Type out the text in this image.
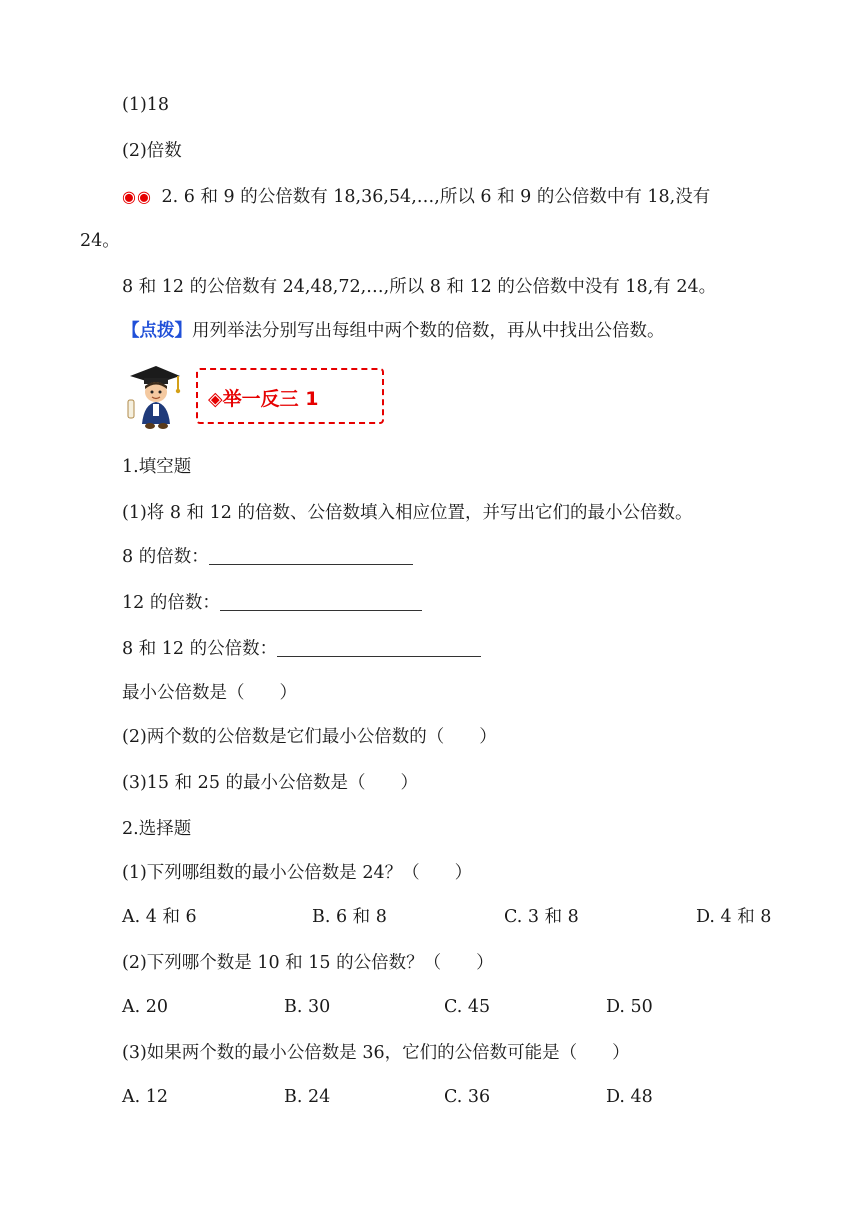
(1)18
(2)倍数
◉◉ 2. 6 和 9 的公倍数有 18,36,54,…,所以 6 和 9 的公倍数中有 18,没有
24。
8 和 12 的公倍数有 24,48,72,…,所以 8 和 12 的公倍数中没有 18,有 24。
【点拨】用列举法分别写出每组中两个数的倍数，再从中找出公倍数。
◈举一反三 1
1.填空题
(1)将 8 和 12 的倍数、公倍数填入相应位置，并写出它们的最小公倍数。
8 的倍数：
12 的倍数：
8 和 12 的公倍数：
最小公倍数是（　　）
(2)两个数的公倍数是它们最小公倍数的（　　）
(3)15 和 25 的最小公倍数是（　　）
2.选择题
(1)下列哪组数的最小公倍数是 24？（　　）
A. 4 和 6	B. 6 和 8	C. 3 和 8	D. 4 和 8
(2)下列哪个数是 10 和 15 的公倍数？（　　）
A. 20	B. 30	C. 45	D. 50
(3)如果两个数的最小公倍数是 36，它们的公倍数可能是（　　）
A. 12	B. 24	C. 36	D. 48
